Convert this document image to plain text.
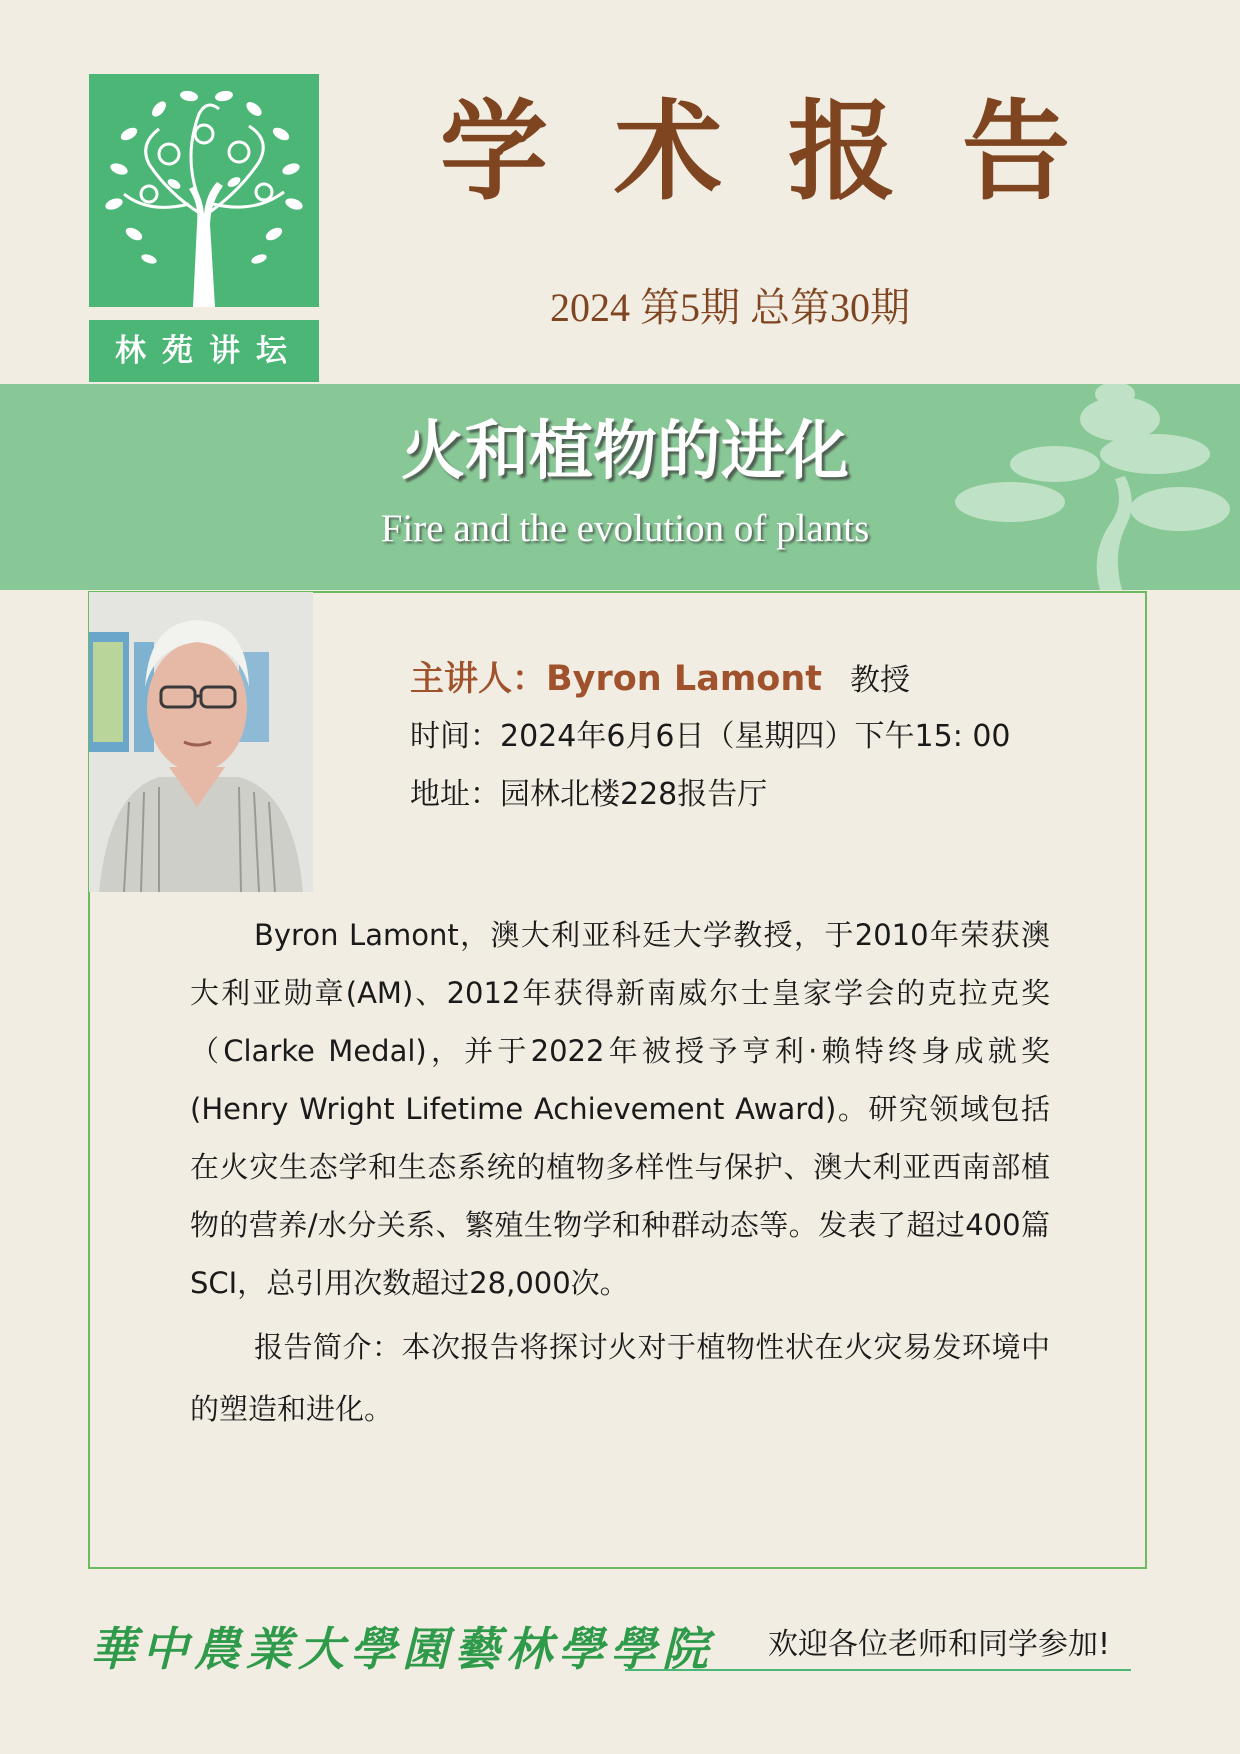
林苑讲坛
学术报告
2024 第5期 总第30期
火和植物的进化
Fire and the evolution of plants
主讲人：Byron Lamont 教授
时间：2024年6月6日（星期四）下午15: 00
地址：园林北楼228报告厅

Byron Lamont，澳大利亚科廷大学教授，于2010年荣获澳大利亚勋章(AM)、2012年获得新南威尔士皇家学会的克拉克奖（Clarke Medal)，并于2022年被授予亨利·赖特终身成就奖(Henry Wright Lifetime Achievement Award)。研究领域包括在火灾生态学和生态系统的植物多样性与保护、澳大利亚西南部植物的营养/水分关系、繁殖生物学和种群动态等。发表了超过400篇SCI，总引用次数超过28,000次。

报告简介：本次报告将探讨火对于植物性状在火灾易发环境中的塑造和进化。

華中農業大學園藝林學學院 欢迎各位老师和同学参加!
